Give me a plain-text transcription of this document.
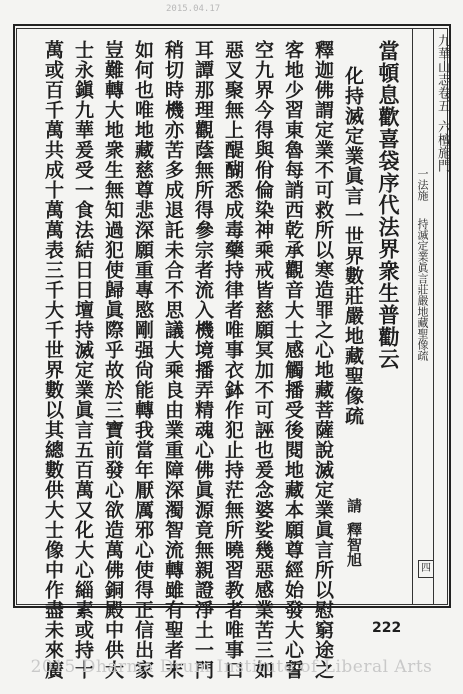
2015.04.17
九華山志卷五
六檀施門
一法施
持滅定業眞言莊嚴地藏聖像疏
四
當頓息歡喜袋序代法界衆生普勸云
化持滅定業眞言一世界數莊嚴地藏聖像疏
釋迦佛謂定業不可救所以寒造罪之心地藏菩薩說滅定業眞言所以慰窮途之
客地少習東魯每誚西乾承觀音大士感觸播受後閱地藏本願尊經始發大心誓
空九界今得與佾倫染神乘戒皆慈願冥加不可誣也爰念婆娑幾惡感業苦三如
惡叉聚無上醍醐悉成毒藥持律者唯事衣鉢作犯止持茫無所曉習教者唯事口
耳譚那理觀蔭無所得參宗者流入機境播弄精魂心佛眞源竟無親證淨土一門
稍切時機亦苦多成退託未合不思議大乘良由業重障深濁智流轉雖有聖者末
如何也唯地藏慈尊悲深願重專愍剛强尙能轉我當年厭厲邪心使得正信出家
豈難轉大地衆生無知過犯使歸眞際乎故於三寶前發心欲造萬佛銅殿中供大
士永鎭九華爰受一食法結日日壇持滅定業眞言五百萬又化大心緇素或持十
萬或百千萬共成十萬萬表三千大千世界數以其總數供大士像中作盡未來廣	請
釋智旭
222
2015 Dharma Drum Institute of Liberal Arts
